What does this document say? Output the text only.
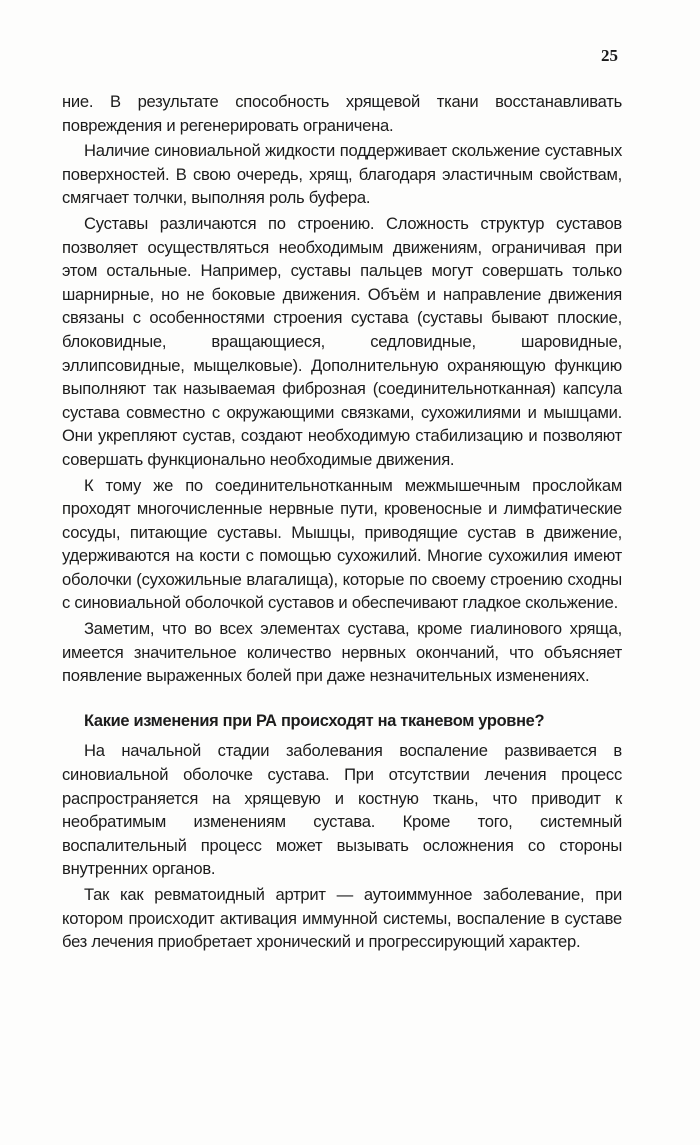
25

ние. В результате способность хрящевой ткани восстанавливать повреждения и регенерировать ограничена.

Наличие синовиальной жидкости поддерживает скольжение суставных поверхностей. В свою очередь, хрящ, благодаря эластичным свойствам, смягчает толчки, выполняя роль буфера.

Суставы различаются по строению. Сложность структур суставов позволяет осуществляться необходимым движениям, ограничивая при этом остальные. Например, суставы пальцев могут совершать только шарнирные, но не боковые движения. Объём и направление движения связаны с особенностями строения сустава (суставы бывают плоские, блоковидные, вращающиеся, седловидные, шаровидные, эллипсовидные, мыщелковые). Дополнительную охраняющую функцию выполняют так называемая фиброзная (соединительнотканная) капсула сустава совместно с окружающими связками, сухожилиями и мышцами. Они укрепляют сустав, создают необходимую стабилизацию и позволяют совершать функционально необходимые движения.

К тому же по соединительнотканным межмышечным прослойкам проходят многочисленные нервные пути, кровеносные и лимфатические сосуды, питающие суставы. Мышцы, приводящие сустав в движение, удерживаются на кости с помощью сухожилий. Многие сухожилия имеют оболочки (сухожильные влагалища), которые по своему строению сходны с синовиальной оболочкой суставов и обеспечивают гладкое скольжение.

Заметим, что во всех элементах сустава, кроме гиалинового хряща, имеется значительное количество нервных окончаний, что объясняет появление выраженных болей при даже незначительных изменениях.

Какие изменения при РА происходят на тканевом уровне?

На начальной стадии заболевания воспаление развивается в синовиальной оболочке сустава. При отсутствии лечения процесс распространяется на хрящевую и костную ткань, что приводит к необратимым изменениям сустава. Кроме того, системный воспалительный процесс может вызывать осложнения со стороны внутренних органов.

Так как ревматоидный артрит — аутоиммунное заболевание, при котором происходит активация иммунной системы, воспаление в суставе без лечения приобретает хронический и прогрессирующий характер.
